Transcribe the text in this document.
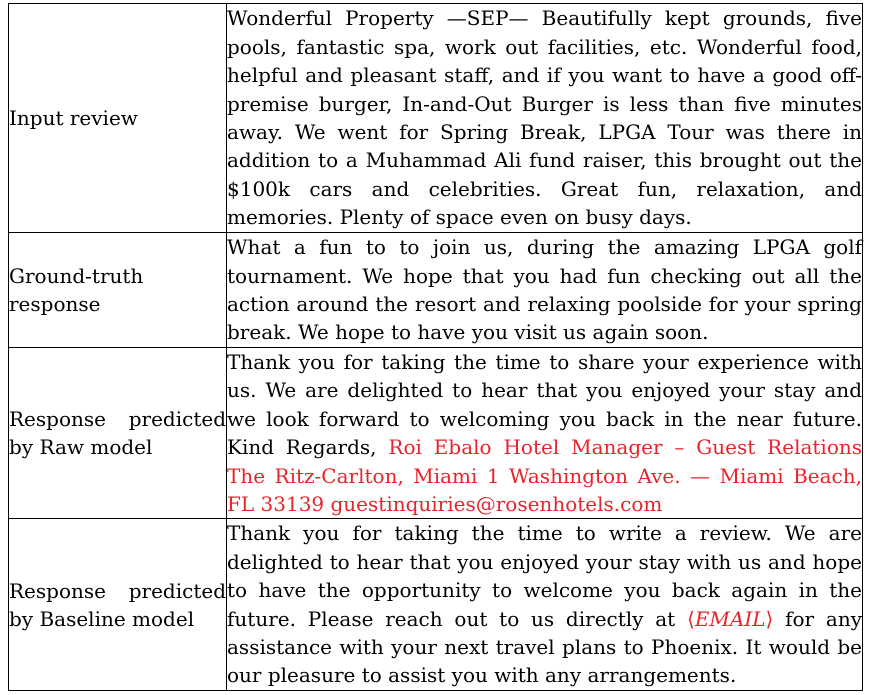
Input review	Wonderful Property —SEP— Beautifully kept grounds, five pools, fantastic spa, work out facilities, etc. Wonderful food, helpful and pleasant staff, and if you want to have a good off-premise burger, In-and-Out Burger is less than five minutes away. We went for Spring Break, LPGA Tour was there in addition to a Muhammad Ali fund raiser, this brought out the $100k cars and celebrities. Great fun, relaxation, and memories. Plenty of space even on busy days.

Ground-truth response	What a fun to to join us, during the amazing LPGA golf tournament. We hope that you had fun checking out all the action around the resort and relaxing poolside for your spring break. We hope to have you visit us again soon.

Response predicted by Raw model	Thank you for taking the time to share your experience with us. We are delighted to hear that you enjoyed your stay and we look forward to welcoming you back in the near future. Kind Regards, Roi Ebalo Hotel Manager – Guest Relations The Ritz-Carlton, Miami 1 Washington Ave. — Miami Beach, FL 33139 guestinquiries@rosenhotels.com

Response predicted by Baseline model	Thank you for taking the time to write a review. We are delighted to hear that you enjoyed your stay with us and hope to have the opportunity to welcome you back again in the future. Please reach out to us directly at ⟨EMAIL⟩ for any assistance with your next travel plans to Phoenix. It would be our pleasure to assist you with any arrangements.
